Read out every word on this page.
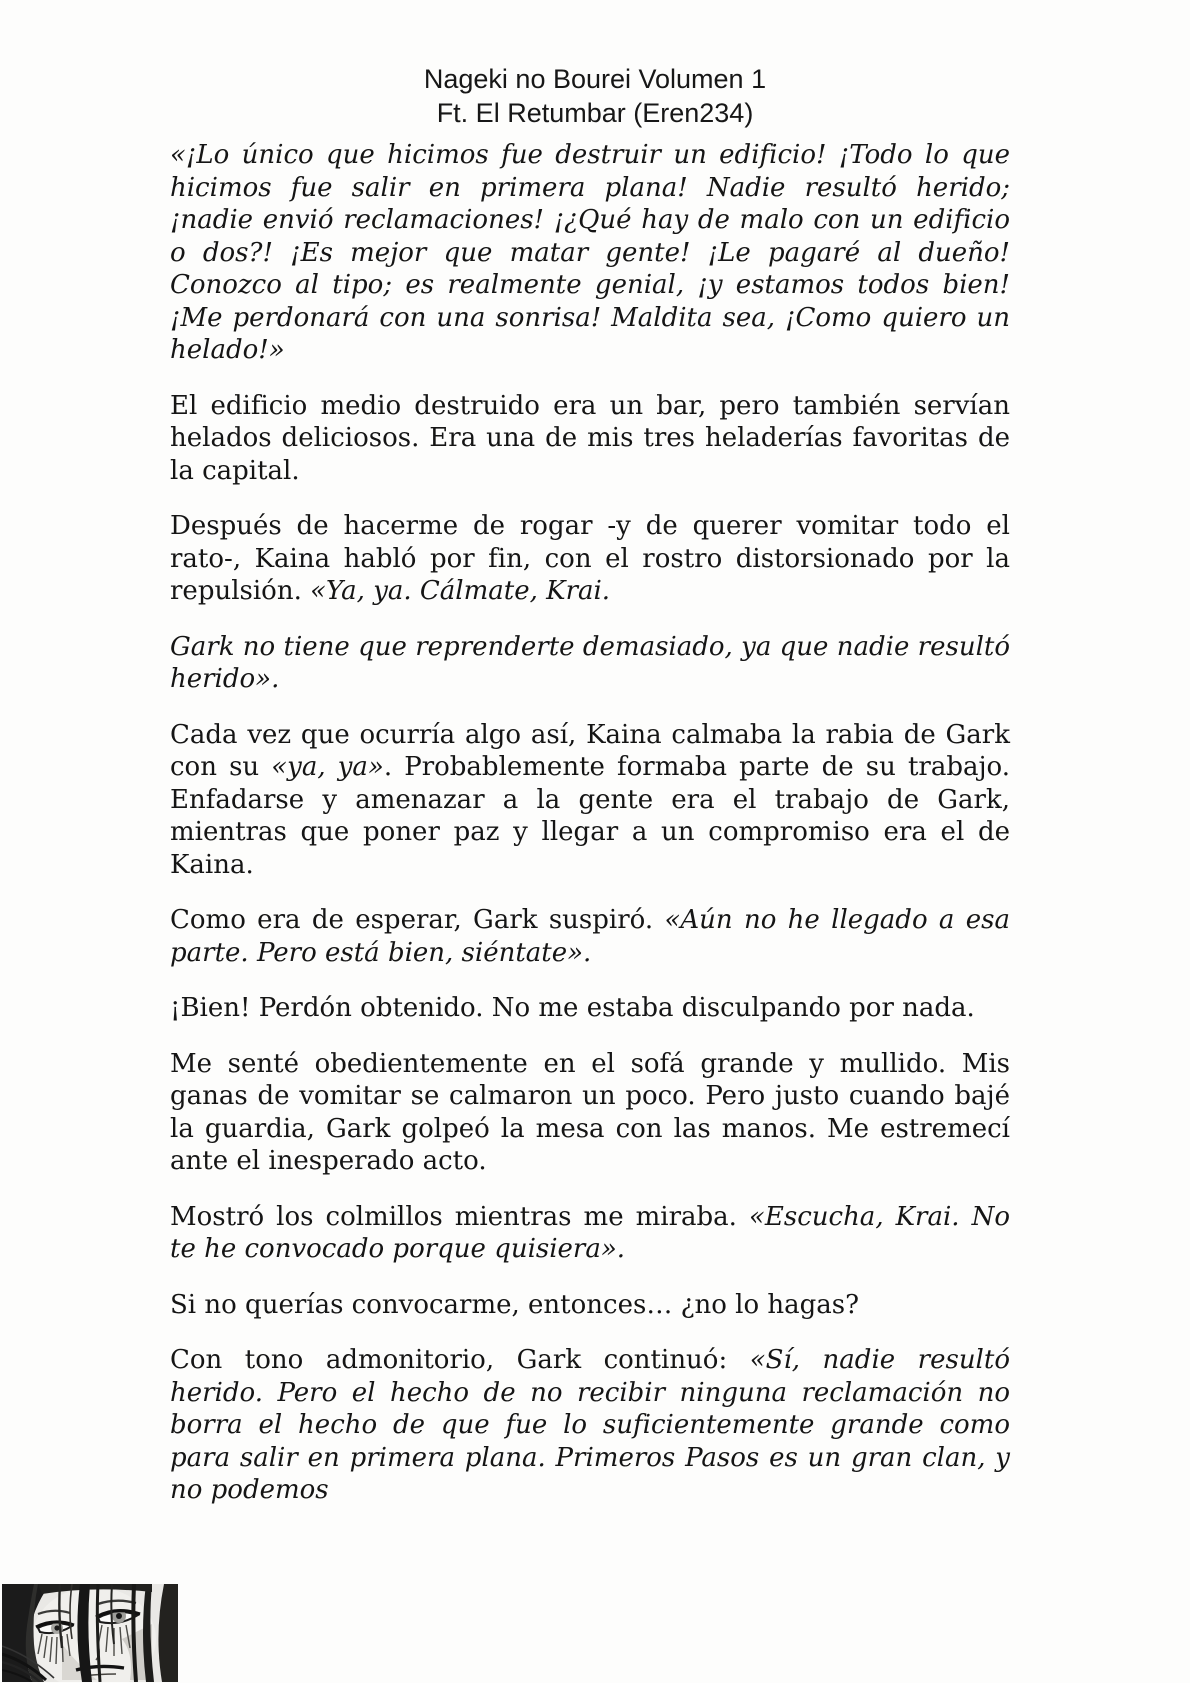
Nageki no Bourei Volumen 1
Ft. El Retumbar (Eren234)

«¡Lo único que hicimos fue destruir un edificio! ¡Todo lo que hicimos fue salir en primera plana! Nadie resultó herido; ¡nadie envió reclamaciones! ¡¿Qué hay de malo con un edificio o dos?! ¡Es mejor que matar gente! ¡Le pagaré al dueño! Conozco al tipo; es realmente genial, ¡y estamos todos bien! ¡Me perdonará con una sonrisa! Maldita sea, ¡Como quiero un helado!»

El edificio medio destruido era un bar, pero también servían helados deliciosos. Era una de mis tres heladerías favoritas de la capital.

Después de hacerme de rogar -y de querer vomitar todo el rato-, Kaina habló por fin, con el rostro distorsionado por la repulsión. «Ya, ya. Cálmate, Krai.

Gark no tiene que reprenderte demasiado, ya que nadie resultó herido».

Cada vez que ocurría algo así, Kaina calmaba la rabia de Gark con su «ya, ya». Probablemente formaba parte de su trabajo. Enfadarse y amenazar a la gente era el trabajo de Gark, mientras que poner paz y llegar a un compromiso era el de Kaina.

Como era de esperar, Gark suspiró. «Aún no he llegado a esa parte. Pero está bien, siéntate».

¡Bien! Perdón obtenido. No me estaba disculpando por nada.

Me senté obedientemente en el sofá grande y mullido. Mis ganas de vomitar se calmaron un poco. Pero justo cuando bajé la guardia, Gark golpeó la mesa con las manos. Me estremecí ante el inesperado acto.

Mostró los colmillos mientras me miraba. «Escucha, Krai. No te he convocado porque quisiera».

Si no querías convocarme, entonces… ¿no lo hagas?

Con tono admonitorio, Gark continuó: «Sí, nadie resultó herido. Pero el hecho de no recibir ninguna reclamación no borra el hecho de que fue lo suficientemente grande como para salir en primera plana. Primeros Pasos es un gran clan, y no podemos
